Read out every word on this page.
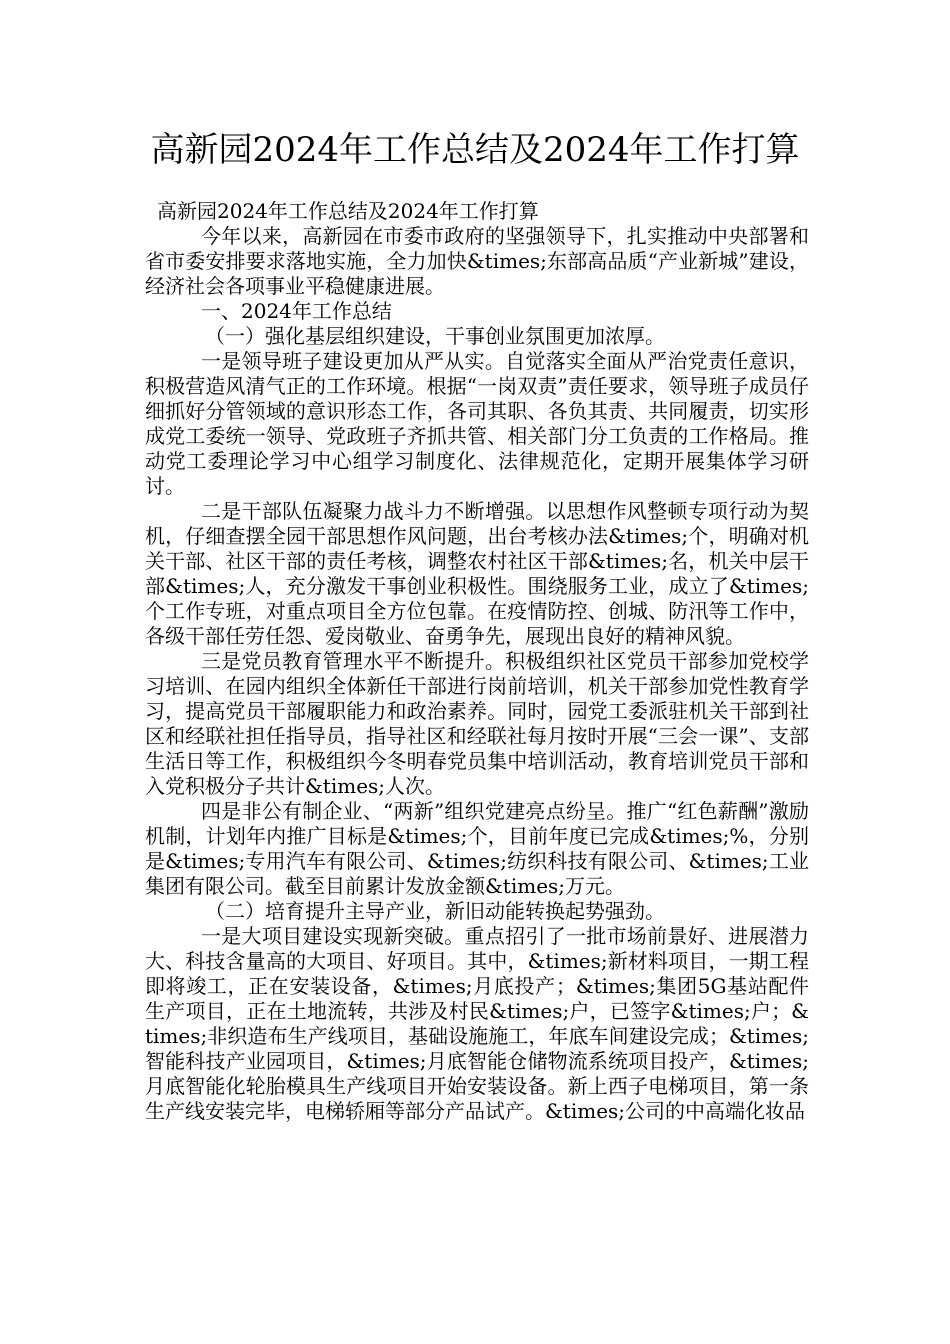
高新园2024年工作总结及2024年工作打算

高新园2024年工作总结及2024年工作打算

今年以来，高新园在市委市政府的坚强领导下，扎实推动中央部署和省市委安排要求落地实施，全力加快&times;东部高品质“产业新城”建设，经济社会各项事业平稳健康进展。

一、2024年工作总结

（一）强化基层组织建设，干事创业氛围更加浓厚。

一是领导班子建设更加从严从实。自觉落实全面从严治党责任意识，积极营造风清气正的工作环境。根据“一岗双责”责任要求，领导班子成员仔细抓好分管领域的意识形态工作，各司其职、各负其责、共同履责，切实形成党工委统一领导、党政班子齐抓共管、相关部门分工负责的工作格局。推动党工委理论学习中心组学习制度化、法律规范化，定期开展集体学习研讨。

二是干部队伍凝聚力战斗力不断增强。以思想作风整顿专项行动为契机，仔细查摆全园干部思想作风问题，出台考核办法&times;个，明确对机关干部、社区干部的责任考核，调整农村社区干部&times;名，机关中层干部&times;人，充分激发干事创业积极性。围绕服务工业，成立了&times;个工作专班，对重点项目全方位包靠。在疫情防控、创城、防汛等工作中，各级干部任劳任怨、爱岗敬业、奋勇争先，展现出良好的精神风貌。

三是党员教育管理水平不断提升。积极组织社区党员干部参加党校学习培训、在园内组织全体新任干部进行岗前培训，机关干部参加党性教育学习，提高党员干部履职能力和政治素养。同时，园党工委派驻机关干部到社区和经联社担任指导员，指导社区和经联社每月按时开展“三会一课”、支部生活日等工作，积极组织今冬明春党员集中培训活动，教育培训党员干部和入党积极分子共计&times;人次。

四是非公有制企业、“两新”组织党建亮点纷呈。推广“红色薪酬”激励机制，计划年内推广目标是&times;个，目前年度已完成&times;%，分别是&times;专用汽车有限公司、&times;纺织科技有限公司、&times;工业集团有限公司。截至目前累计发放金额&times;万元。

（二）培育提升主导产业，新旧动能转换起势强劲。

一是大项目建设实现新突破。重点招引了一批市场前景好、进展潜力大、科技含量高的大项目、好项目。其中，&times;新材料项目，一期工程即将竣工，正在安装设备，&times;月底投产；&times;集团5G基站配件生产项目，正在土地流转，共涉及村民&times;户，已签字&times;户；&times;非织造布生产线项目，基础设施施工，年底车间建设完成；&times;智能科技产业园项目，&times;月底智能仓储物流系统项目投产，&times;月底智能化轮胎模具生产线项目开始安装设备。新上西子电梯项目，第一条生产线安装完毕，电梯轿厢等部分产品试产。&times;公司的中高端化妆品
